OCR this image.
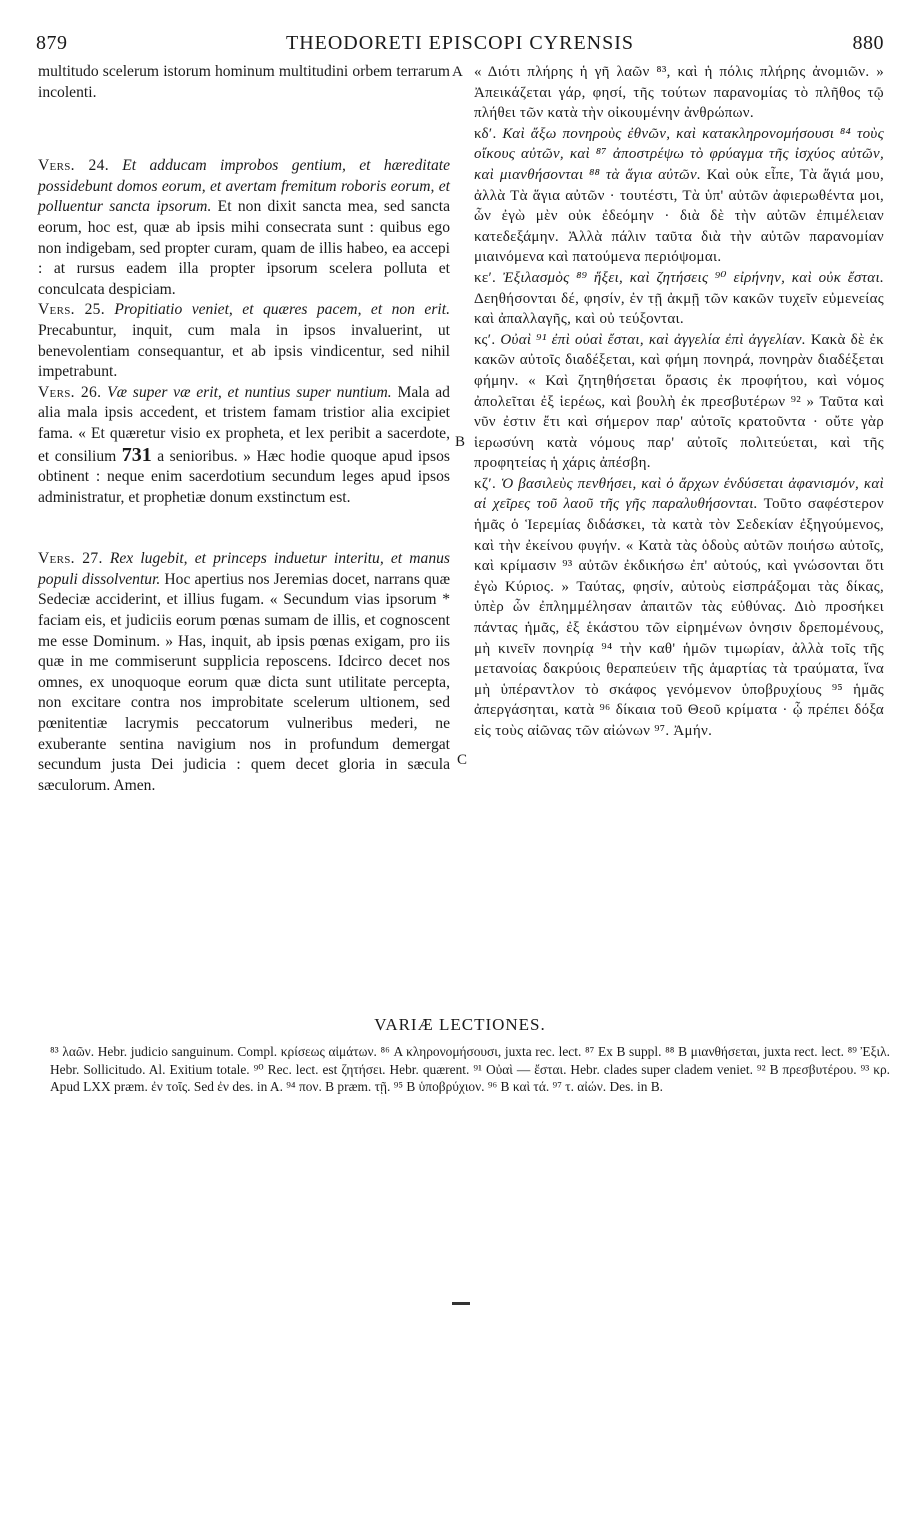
879	THEODORETI EPISCOPI CYRENSIS	880
A
B
C

multitudo scelerum istorum hominum multitudini orbem terrarum incolenti.

Vers. 24. Et adducam improbos gentium, et hæreditate possidebunt domos eorum, et avertam fremitum roboris eorum, et polluentur sancta ipsorum. Et non dixit sancta mea, sed sancta eorum, hoc est, quæ ab ipsis mihi consecrata sunt : quibus ego non indigebam, sed propter curam, quam de illis habeo, ea accepi : at rursus eadem illa propter ipsorum scelera polluta et conculcata despiciam.

Vers. 25. Propitiatio veniet, et quæres pacem, et non erit. Precabuntur, inquit, cum mala in ipsos invaluerint, ut benevolentiam consequantur, et ab ipsis vindicentur, sed nihil impetrabunt.

Vers. 26. Væ super væ erit, et nuntius super nuntium. Mala ad alia mala ipsis accedent, et tristem famam tristior alia excipiet fama. « Et quæretur visio ex propheta, et lex peribit a sacerdote, et consilium 731 a senioribus. » Hæc hodie quoque apud ipsos obtinent : neque enim sacerdotium secundum leges apud ipsos administratur, et prophetiæ donum exstinctum est.

Vers. 27. Rex lugebit, et princeps induetur interitu, et manus populi dissolventur. Hoc apertius nos Jeremias docet, narrans quæ Sedeciæ acciderint, et illius fugam. « Secundum vias ipsorum * faciam eis, et judiciis eorum pœnas sumam de illis, et cognoscent me esse Dominum. » Has, inquit, ab ipsis pœnas exigam, pro iis quæ in me commiserunt supplicia reposcens. Idcirco decet nos omnes, ex unoquoque eorum quæ dicta sunt utilitate percepta, non excitare contra nos improbitate scelerum ultionem, sed pœnitentiæ lacrymis peccatorum vulneribus mederi, ne exuberante sentina navigium nos in profundum demergat secundum justa Dei judicia : quem decet gloria in sæcula sæculorum. Amen.

« Διότι πλήρης ἡ γῆ λαῶν ⁸³, καὶ ἡ πόλις πλήρης ἀνομιῶν. » Ἀπεικάζεται γάρ, φησί, τῆς τούτων παρανομίας τὸ πλῆθος τῷ πλήθει τῶν κατὰ τὴν οἰκουμένην ἀνθρώπων.

κδʹ. Καὶ ἄξω πονηροὺς ἐθνῶν, καὶ κατακληρονομήσουσι ⁸⁴ τοὺς οἴκους αὐτῶν, καὶ ⁸⁷ ἀποστρέψω τὸ φρύαγμα τῆς ἰσχύος αὐτῶν, καὶ μιανθήσονται ⁸⁸ τὰ ἅγια αὐτῶν. Καὶ οὐκ εἶπε, Τὰ ἅγιά μου, ἀλλὰ Τὰ ἅγια αὐτῶν · τουτέστι, Τὰ ὑπ' αὐτῶν ἀφιερωθέντα μοι, ὧν ἐγὼ μὲν οὐκ ἐδεόμην · διὰ δὲ τὴν αὐτῶν ἐπιμέλειαν κατεδεξάμην. Ἀλλὰ πάλιν ταῦτα διὰ τὴν αὐτῶν παρανομίαν μιαινόμενα καὶ πατούμενα περιόψομαι.

κεʹ. Ἐξιλασμὸς ⁸⁹ ἥξει, καὶ ζητήσεις ⁹⁰ εἰρήνην, καὶ οὐκ ἔσται. Δεηθήσονται δέ, φησίν, ἐν τῇ ἀκμῇ τῶν κακῶν τυχεῖν εὐμενείας καὶ ἀπαλλαγῆς, καὶ οὐ τεύξονται.

κςʹ. Οὐαὶ ⁹¹ ἐπὶ οὐαὶ ἔσται, καὶ ἀγγελία ἐπὶ ἀγγελίαν. Κακὰ δὲ ἐκ κακῶν αὐτοῖς διαδέξεται, καὶ φήμη πονηρά, πονηρὰν διαδέξεται φήμην. « Καὶ ζητηθήσεται ὅρασις ἐκ προφήτου, καὶ νόμος ἀπολεῖται ἐξ ἱερέως, καὶ βουλὴ ἐκ πρεσβυτέρων ⁹² » Ταῦτα καὶ νῦν ἐστιν ἔτι καὶ σήμερον παρ' αὐτοῖς κρατοῦντα · οὔτε γὰρ ἱερωσύνη κατὰ νόμους παρ' αὐτοῖς πολιτεύεται, καὶ τῆς προφητείας ἡ χάρις ἀπέσβη.

κζʹ. Ὁ βασιλεὺς πενθήσει, καὶ ὁ ἄρχων ἐνδύσεται ἀφανισμόν, καὶ αἱ χεῖρες τοῦ λαοῦ τῆς γῆς παραλυθήσονται. Τοῦτο σαφέστερον ἡμᾶς ὁ Ἱερεμίας διδάσκει, τὰ κατὰ τὸν Σεδεκίαν ἐξηγούμενος, καὶ τὴν ἐκείνου φυγήν. « Κατὰ τὰς ὁδοὺς αὐτῶν ποιήσω αὐτοῖς, καὶ κρίμασιν ⁹³ αὐτῶν ἐκδικήσω ἐπ' αὐτούς, καὶ γνώσονται ὅτι ἐγὼ Κύριος. » Ταύτας, φησίν, αὐτοὺς εἰσπράξομαι τὰς δίκας, ὑπὲρ ὧν ἐπλημμέλησαν ἀπαιτῶν τὰς εὐθύνας. Διὸ προσήκει πάντας ἡμᾶς, ἐξ ἑκάστου τῶν εἰρημένων ὀνησιν δρεπομένους, μὴ κινεῖν πονηρίᾳ ⁹⁴ τὴν καθ' ἡμῶν τιμωρίαν, ἀλλὰ τοῖς τῆς μετανοίας δακρύοις θεραπεύειν τῆς ἁμαρτίας τὰ τραύματα, ἵνα μὴ ὑπέραντλον τὸ σκάφος γενόμενον ὑποβρυχίους ⁹⁵ ἡμᾶς ἀπεργάσηται, κατὰ ⁹⁶ δίκαια τοῦ Θεοῦ κρίματα · ᾧ πρέπει δόξα εἰς τοὺς αἰῶνας τῶν αἰώνων ⁹⁷. Ἀμήν.

VARIÆ LECTIONES.

⁸³ λαῶν. Hebr. judicio sanguinum. Compl. κρίσεως αἱμάτων. ⁸⁶ A κληρονομήσουσι, juxta rec. lect. ⁸⁷ Ex B suppl. ⁸⁸ B μιανθήσεται, juxta rect. lect. ⁸⁹ Ἐξιλ. Hebr. Sollicitudo. Al. Exitium totale. ⁹⁰ Rec. lect. est ζητήσει. Hebr. quærent. ⁹¹ Οὐαὶ — ἔσται. Hebr. clades super cladem veniet. ⁹² B πρεσβυτέρου. ⁹³ κρ. Apud LXX præm. ἐν τοῖς. Sed ἐν des. in A. ⁹⁴ πον. B præm. τῇ. ⁹⁵ B ὑποβρύχιον. ⁹⁶ B καὶ τά. ⁹⁷ τ. αἰών. Des. in B.
